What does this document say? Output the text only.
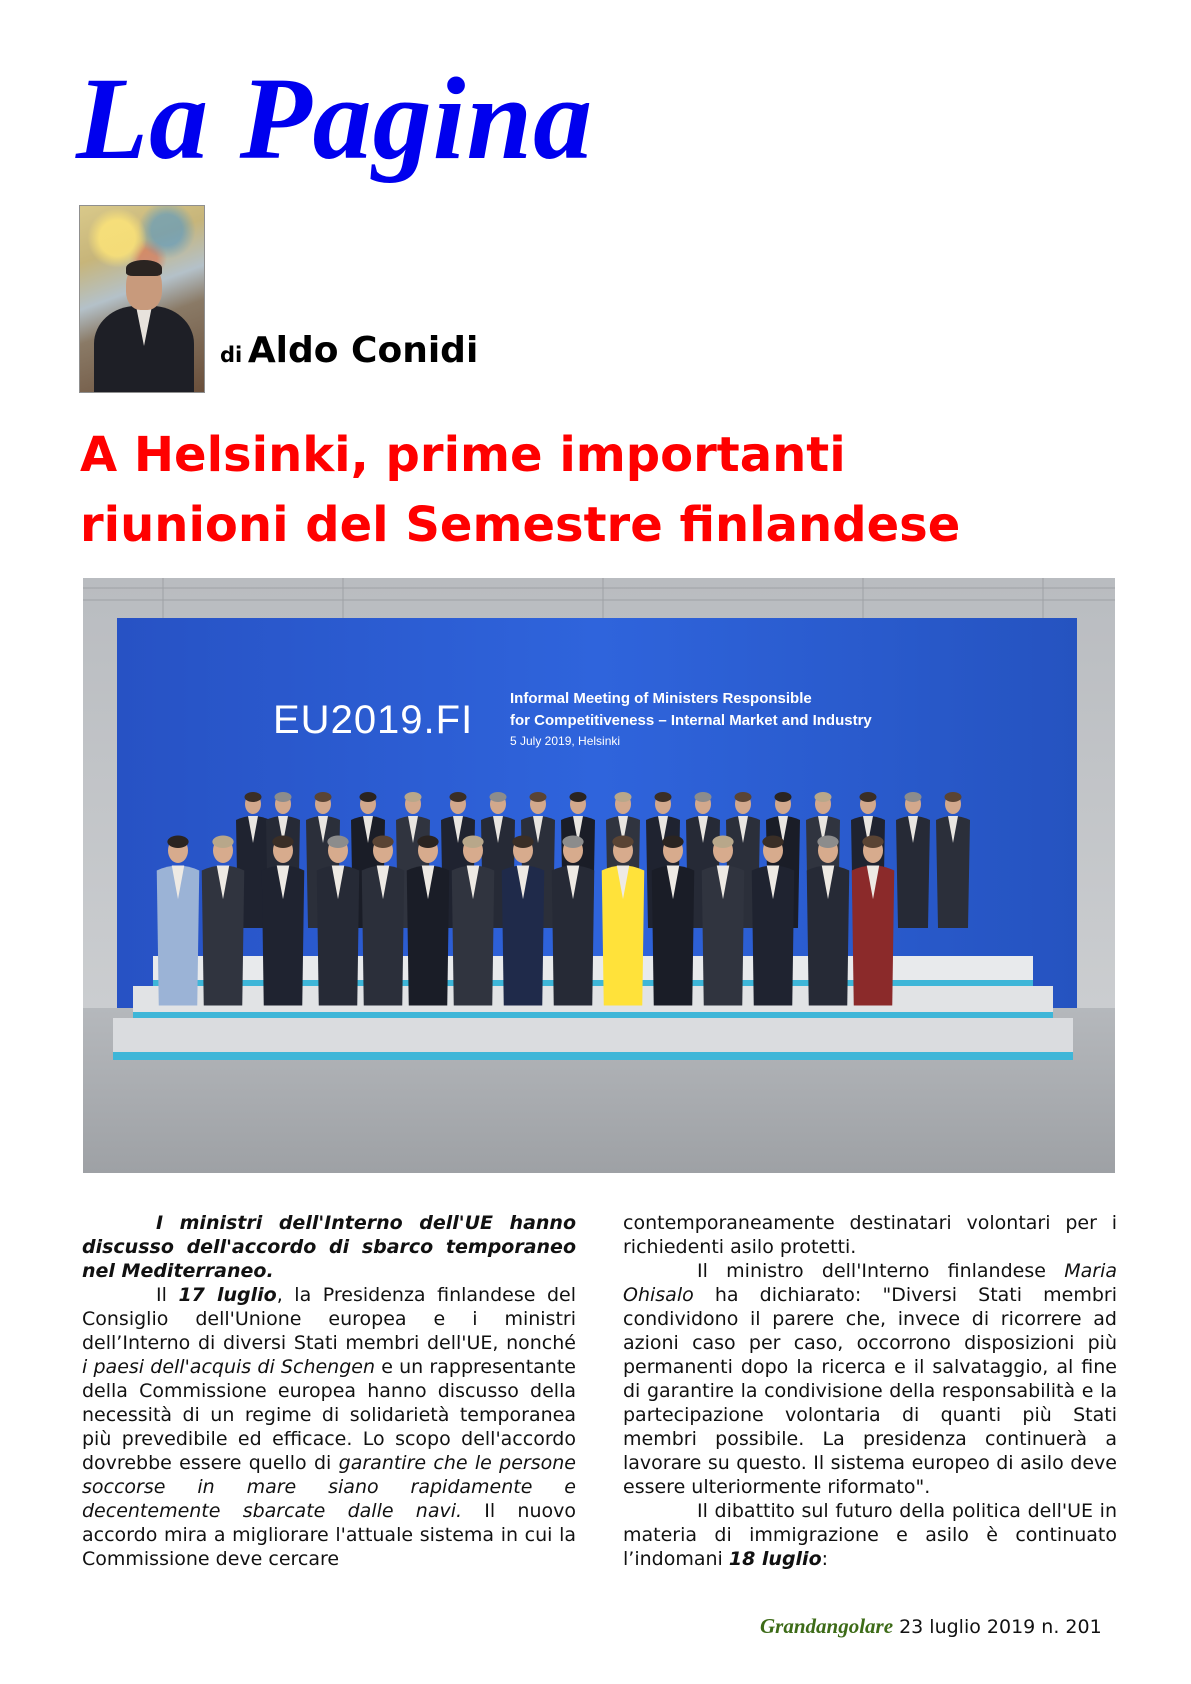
La Pagina
di Aldo Conidi
A Helsinki, prime importanti
riunioni del Semestre finlandese
EU2019.FI Informal Meeting of Ministers Responsible
for Competitiveness – Internal Market and Industry
5 July 2019, Helsinki

I ministri dell'Interno dell'UE hanno discusso dell'accordo di sbarco temporaneo nel Mediterraneo.

Il 17 luglio, la Presidenza finlandese del Consiglio dell'Unione europea e i ministri dell’Interno di diversi Stati membri dell'UE, nonché i paesi dell'acquis di Schengen e un rappresentante della Commissione europea hanno discusso della necessità di un regime di solidarietà temporanea più prevedibile ed efficace. Lo scopo dell'accordo dovrebbe essere quello di garantire che le persone soccorse in mare siano rapidamente e decentemente sbarcate dalle navi. Il nuovo accordo mira a migliorare l'attuale sistema in cui la Commissione deve cercare

contemporaneamente destinatari volontari per i richiedenti asilo protetti.

Il ministro dell'Interno finlandese Maria Ohisalo ha dichiarato: "Diversi Stati membri condividono il parere che, invece di ricorrere ad azioni caso per caso, occorrono disposizioni più permanenti dopo la ricerca e il salvataggio, al fine di garantire la condivisione della responsabilità e la partecipazione volontaria di quanti più Stati membri possibile. La presidenza continuerà a lavorare su questo. Il sistema europeo di asilo deve essere ulteriormente riformato".

Il dibattito sul futuro della politica dell'UE in materia di immigrazione e asilo è continuato l’indomani 18 luglio:

Grandangolare 23 luglio 2019 n. 201
